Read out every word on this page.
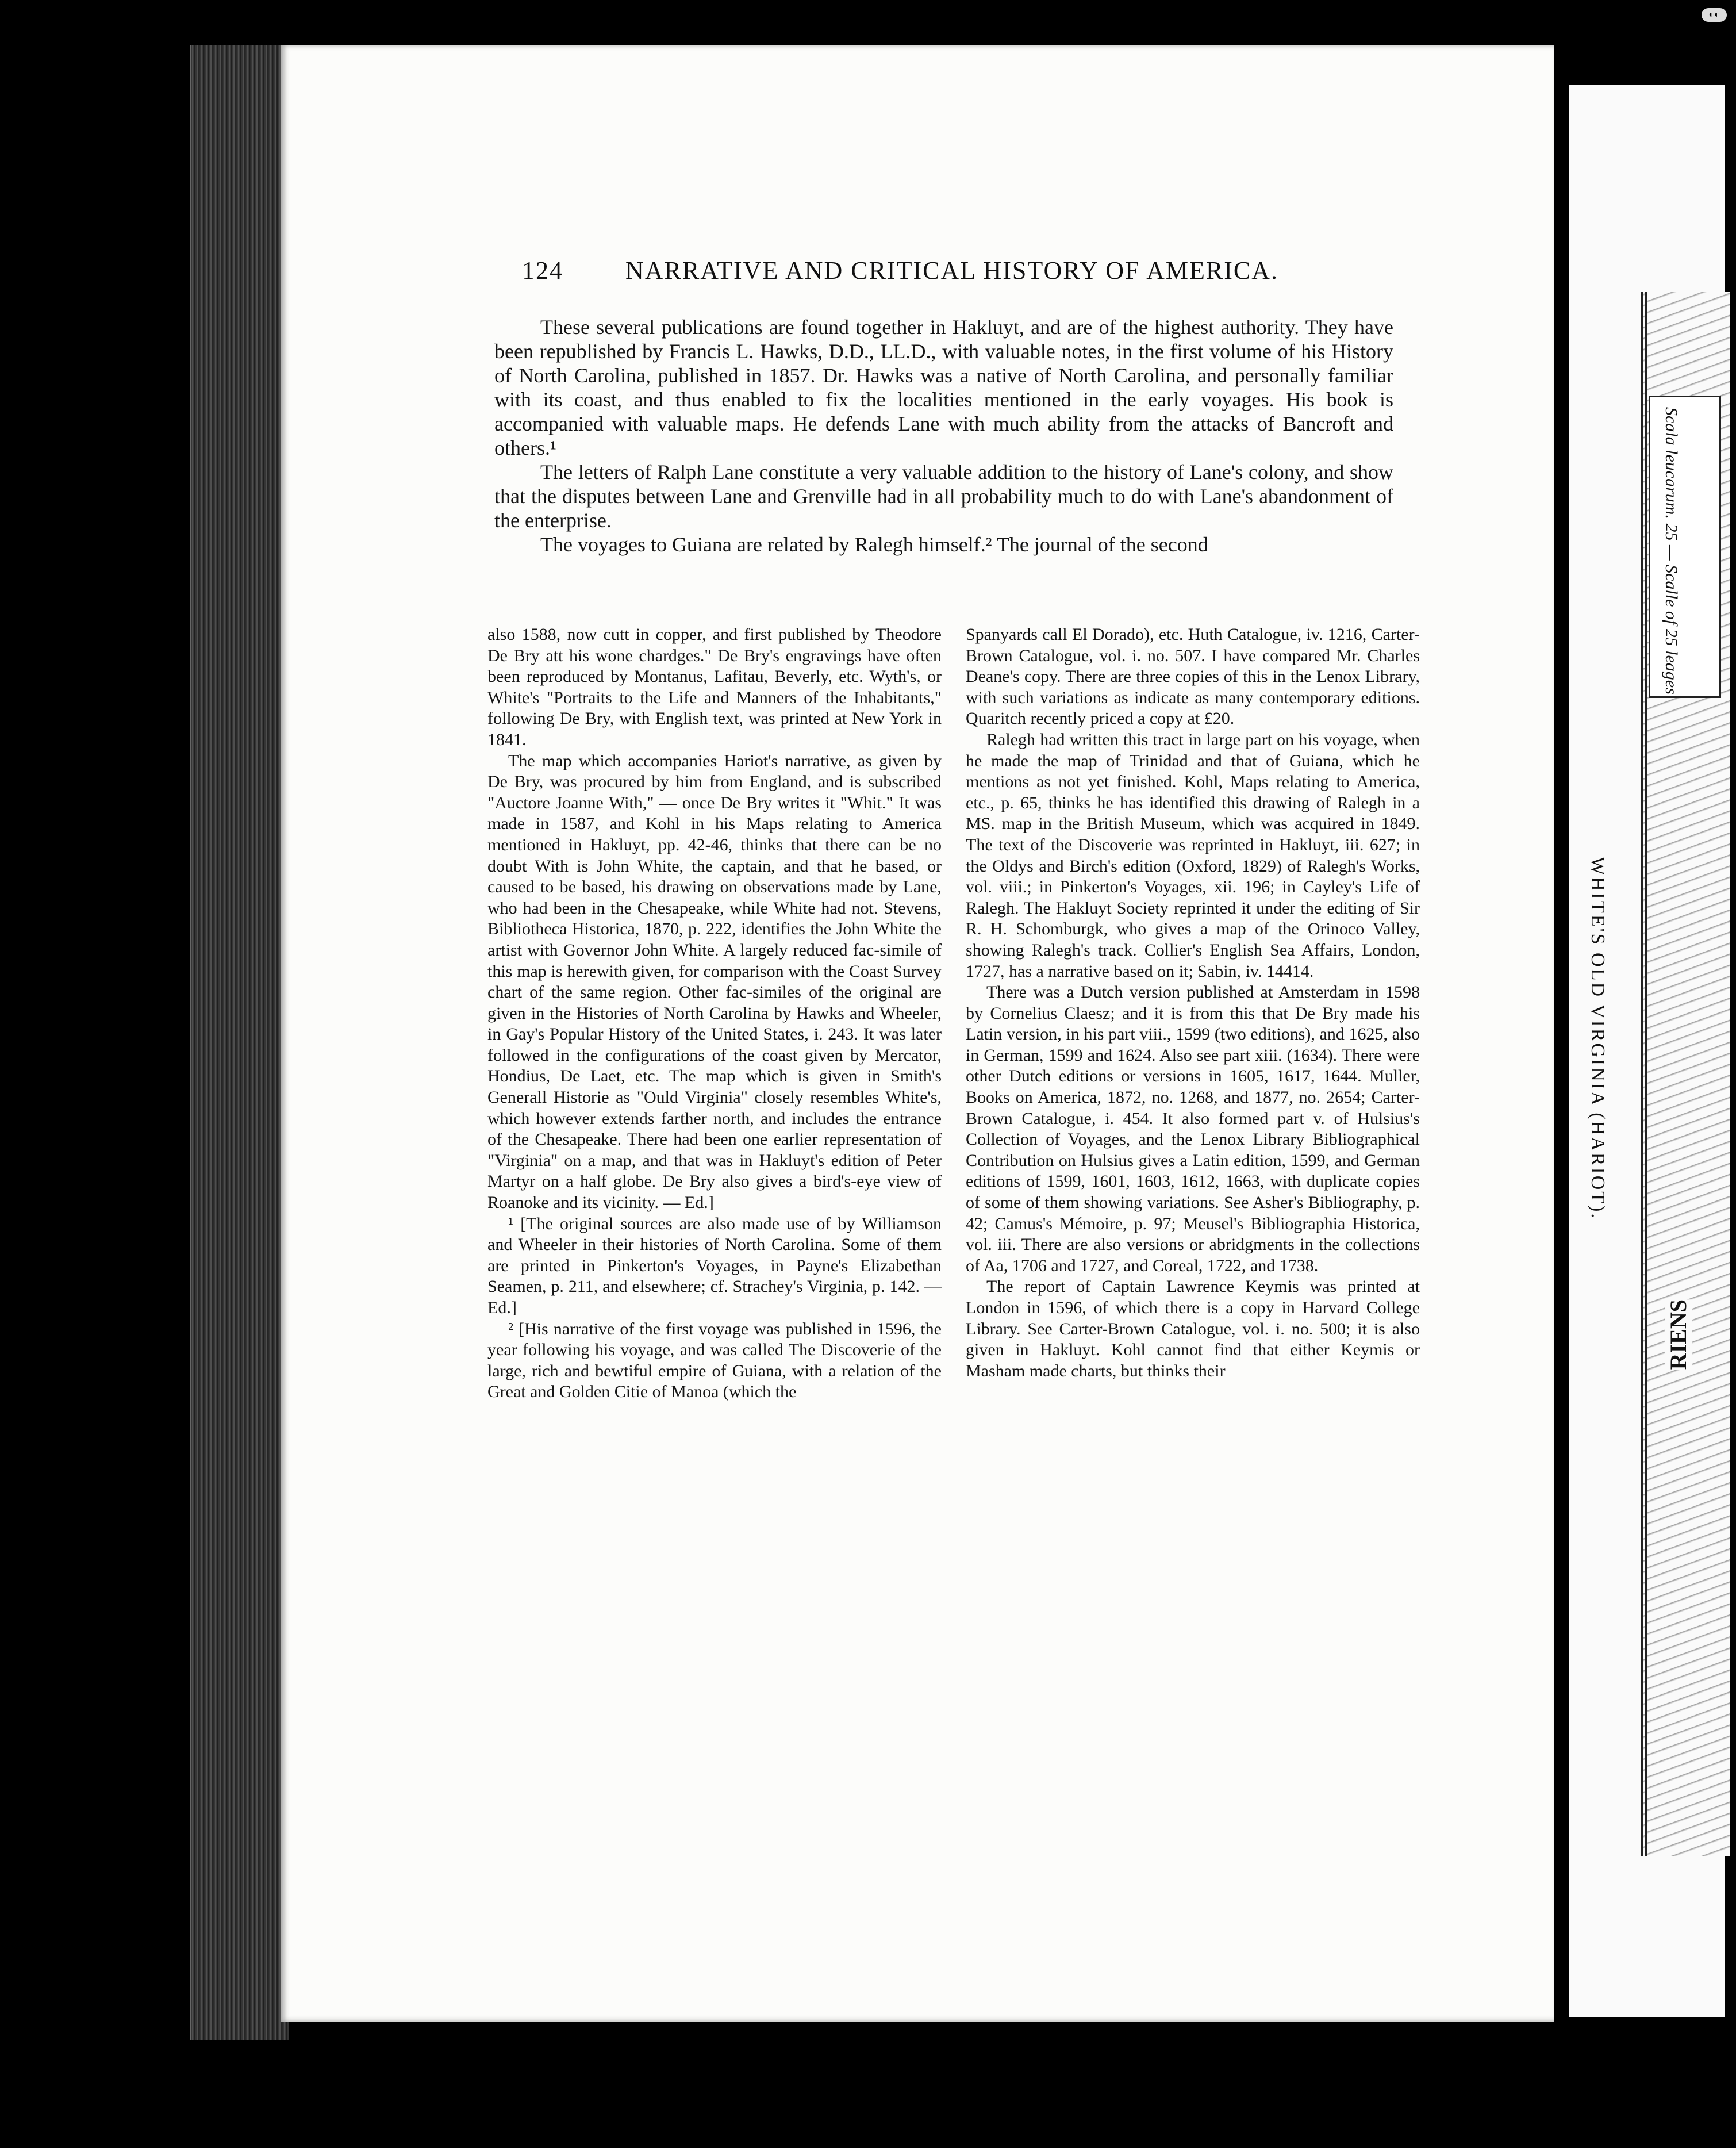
124 NARRATIVE AND CRITICAL HISTORY OF AMERICA.

These several publications are found together in Hakluyt, and are of the highest authority. They have been republished by Francis L. Hawks, D.D., LL.D., with valuable notes, in the first volume of his History of North Carolina, published in 1857. Dr. Hawks was a native of North Carolina, and personally familiar with its coast, and thus enabled to fix the localities mentioned in the early voyages. His book is accompanied with valuable maps. He defends Lane with much ability from the attacks of Bancroft and others.¹

The letters of Ralph Lane constitute a very valuable addition to the history of Lane's colony, and show that the disputes between Lane and Grenville had in all probability much to do with Lane's abandonment of the enterprise.

The voyages to Guiana are related by Ralegh himself.² The journal of the second

also 1588, now cutt in copper, and first published by Theodore De Bry att his wone chardges." De Bry's engravings have often been reproduced by Montanus, Lafitau, Beverly, etc. Wyth's, or White's "Portraits to the Life and Manners of the Inhabitants," following De Bry, with English text, was printed at New York in 1841.

The map which accompanies Hariot's narrative, as given by De Bry, was procured by him from England, and is subscribed "Auctore Joanne With," — once De Bry writes it "Whit." It was made in 1587, and Kohl in his Maps relating to America mentioned in Hakluyt, pp. 42-46, thinks that there can be no doubt With is John White, the captain, and that he based, or caused to be based, his drawing on observations made by Lane, who had been in the Chesapeake, while White had not. Stevens, Bibliotheca Historica, 1870, p. 222, identifies the John White the artist with Governor John White. A largely reduced fac-simile of this map is herewith given, for comparison with the Coast Survey chart of the same region. Other fac-similes of the original are given in the Histories of North Carolina by Hawks and Wheeler, in Gay's Popular History of the United States, i. 243. It was later followed in the configurations of the coast given by Mercator, Hondius, De Laet, etc. The map which is given in Smith's Generall Historie as "Ould Virginia" closely resembles White's, which however extends farther north, and includes the entrance of the Chesapeake. There had been one earlier representation of "Virginia" on a map, and that was in Hakluyt's edition of Peter Martyr on a half globe. De Bry also gives a bird's-eye view of Roanoke and its vicinity. — Ed.]

¹ [The original sources are also made use of by Williamson and Wheeler in their histories of North Carolina. Some of them are printed in Pinkerton's Voyages, in Payne's Elizabethan Seamen, p. 211, and elsewhere; cf. Strachey's Virginia, p. 142. — Ed.]

² [His narrative of the first voyage was published in 1596, the year following his voyage, and was called The Discoverie of the large, rich and bewtiful empire of Guiana, with a relation of the Great and Golden Citie of Manoa (which the

Spanyards call El Dorado), etc. Huth Catalogue, iv. 1216, Carter-Brown Catalogue, vol. i. no. 507. I have compared Mr. Charles Deane's copy. There are three copies of this in the Lenox Library, with such variations as indicate as many contemporary editions. Quaritch recently priced a copy at £20.

Ralegh had written this tract in large part on his voyage, when he made the map of Trinidad and that of Guiana, which he mentions as not yet finished. Kohl, Maps relating to America, etc., p. 65, thinks he has identified this drawing of Ralegh in a MS. map in the British Museum, which was acquired in 1849. The text of the Discoverie was reprinted in Hakluyt, iii. 627; in the Oldys and Birch's edition (Oxford, 1829) of Ralegh's Works, vol. viii.; in Pinkerton's Voyages, xii. 196; in Cayley's Life of Ralegh. The Hakluyt Society reprinted it under the editing of Sir R. H. Schomburgk, who gives a map of the Orinoco Valley, showing Ralegh's track. Collier's English Sea Affairs, London, 1727, has a narrative based on it; Sabin, iv. 14414.

There was a Dutch version published at Amsterdam in 1598 by Cornelius Claesz; and it is from this that De Bry made his Latin version, in his part viii., 1599 (two editions), and 1625, also in German, 1599 and 1624. Also see part xiii. (1634). There were other Dutch editions or versions in 1605, 1617, 1644. Muller, Books on America, 1872, no. 1268, and 1877, no. 2654; Carter-Brown Catalogue, i. 454. It also formed part v. of Hulsius's Collection of Voyages, and the Lenox Library Bibliographical Contribution on Hulsius gives a Latin edition, 1599, and German editions of 1599, 1601, 1603, 1612, 1663, with duplicate copies of some of them showing variations. See Asher's Bibliography, p. 42; Camus's Mémoire, p. 97; Meusel's Bibliographia Historica, vol. iii. There are also versions or abridgments in the collections of Aa, 1706 and 1727, and Coreal, 1722, and 1738.

The report of Captain Lawrence Keymis was printed at London in 1596, of which there is a copy in Harvard College Library. See Carter-Brown Catalogue, vol. i. no. 500; it is also given in Hakluyt. Kohl cannot find that either Keymis or Masham made charts, but thinks their

Scala leucarum. 25 — Scalle of 25 leages
WHITE'S OLD VIRGINIA (HARIOT).
RIENS
◐◐
